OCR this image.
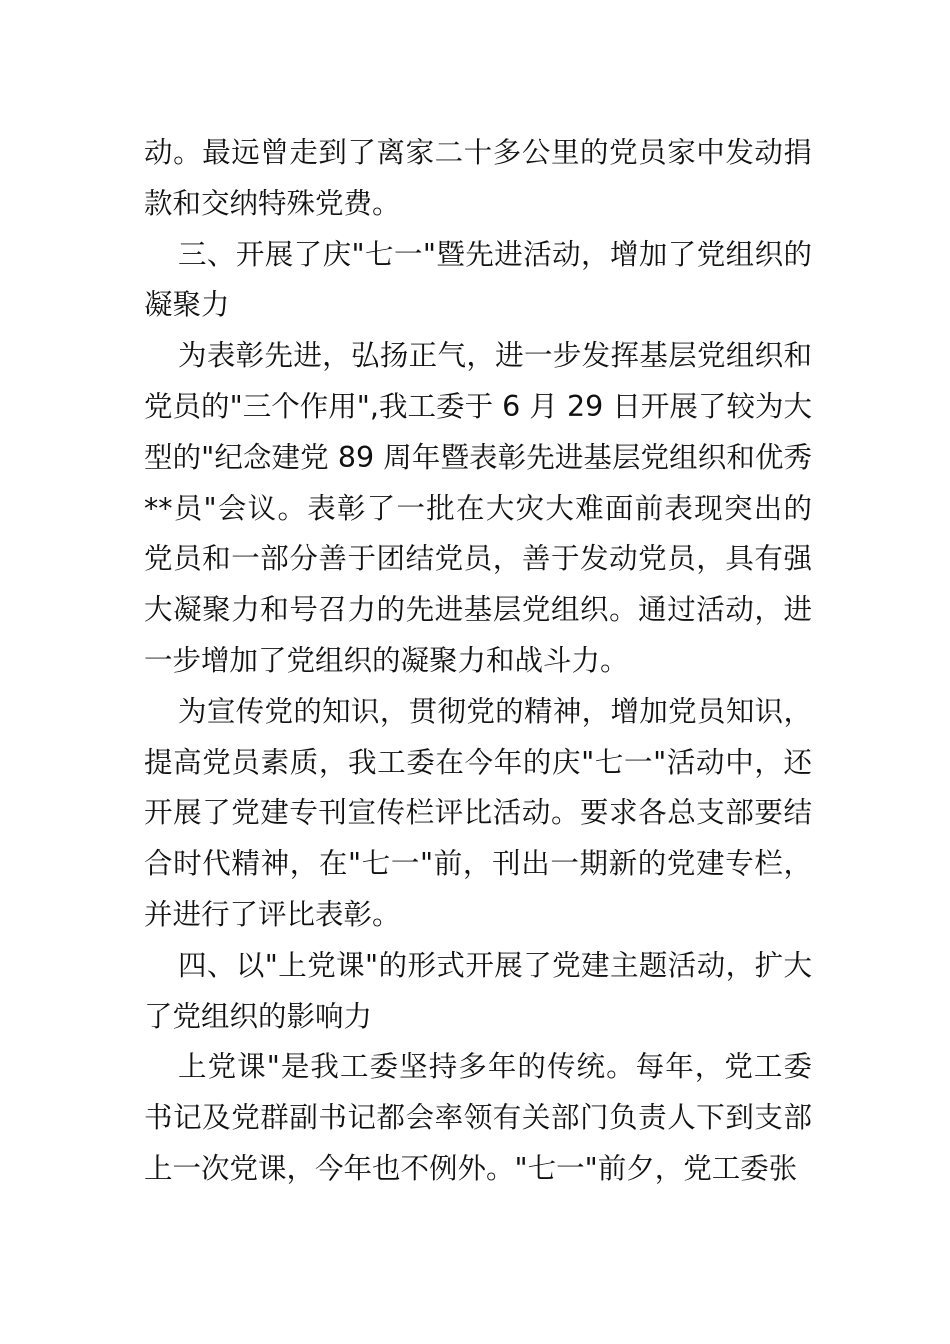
动。最远曾走到了离家二十多公里的党员家中发动捐款和交纳特殊党费。

三、开展了庆"七一"暨先进活动，增加了党组织的凝聚力

为表彰先进，弘扬正气，进一步发挥基层党组织和党员的"三个作用",我工委于 6 月 29 日开展了较为大型的"纪念建党 89 周年暨表彰先进基层党组织和优秀**员"会议。表彰了一批在大灾大难面前表现突出的党员和一部分善于团结党员，善于发动党员，具有强大凝聚力和号召力的先进基层党组织。通过活动，进一步增加了党组织的凝聚力和战斗力。

为宣传党的知识，贯彻党的精神，增加党员知识，提高党员素质，我工委在今年的庆"七一"活动中，还开展了党建专刊宣传栏评比活动。要求各总支部要结合时代精神，在"七一"前，刊出一期新的党建专栏，并进行了评比表彰。

四、以"上党课"的形式开展了党建主题活动，扩大了党组织的影响力

上党课"是我工委坚持多年的传统。每年，党工委书记及党群副书记都会率领有关部门负责人下到支部上一次党课，今年也不例外。"七一"前夕，党工委张
